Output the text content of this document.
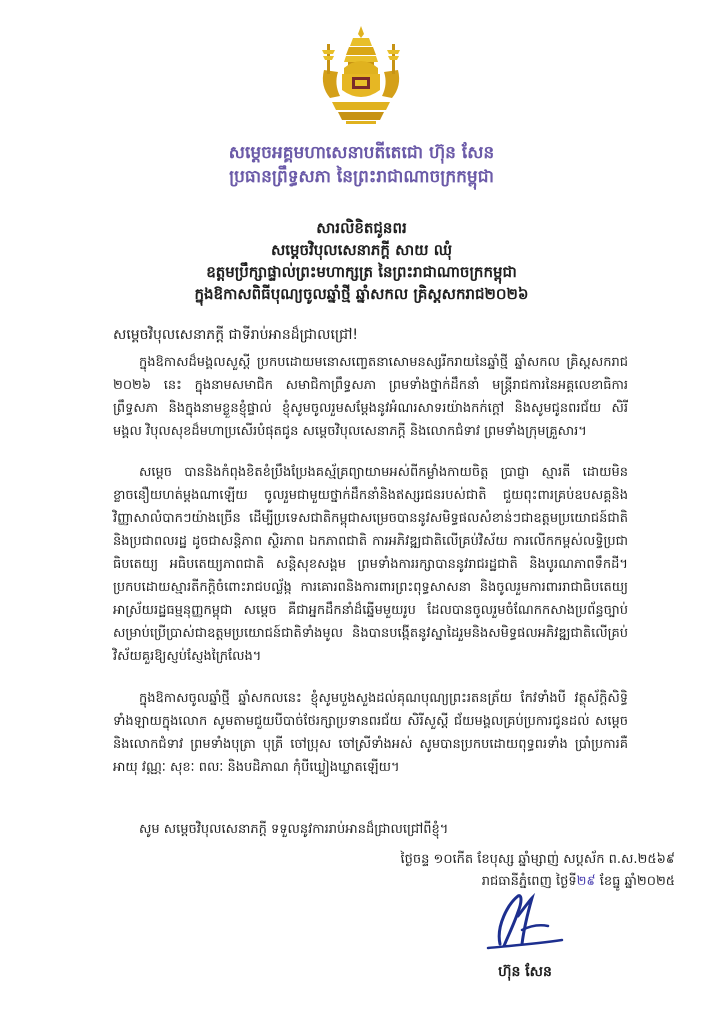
សម្ដេចអគ្គមហាសេនាបតីតេជោ ហ៊ុន សែន
ប្រធានព្រឹទ្ធសភា នៃព្រះរាជាណាចក្រកម្ពុជា
សារលិខិតជូនពរ
សម្ដេចវិបុលសេនាភក្ដី សាយ ឈុំ
ឧត្តមប្រឹក្សាផ្ទាល់ព្រះមហាក្សត្រ នៃព្រះរាជាណាចក្រកម្ពុជា
ក្នុងឱកាសពិធីបុណ្យចូលឆ្នាំថ្មី ឆ្នាំសកល គ្រិស្តសករាជ២០២៦
សម្ដេចវិបុលសេនាភក្ដី ជាទីរាប់អានដ៏ជ្រាលជ្រៅ!

ក្នុងឱកាសដ៏មង្គលសួស្ដី ប្រកបដោយមនោសញ្ចេតនាសោមនស្សរីករាយនៃឆ្នាំថ្មី ឆ្នាំសកល គ្រិស្តសករាជ ២០២៦ នេះ ក្នុងនាមសមាជិក សមាជិកាព្រឹទ្ធសភា ព្រមទាំងថ្នាក់ដឹកនាំ មន្ត្រីរាជការនៃអគ្គលេខាធិការ ព្រឹទ្ធសភា និងក្នុងនាមខ្លួនខ្ញុំផ្ទាល់ ខ្ញុំសូមចូលរួមសម្ដែងនូវអំណរសាទរយ៉ាងកក់ក្ដៅ និងសូមជូនពរជ័យ សិរីមង្គល វិបុលសុខដ៏មហាប្រសើរបំផុតជូន សម្ដេចវិបុលសេនាភក្ដី និងលោកជំទាវ ព្រមទាំងក្រុមគ្រួសារ។

សម្ដេច បាននិងកំពុងខិតខំប្រឹងប្រែងគស្ម័គ្រព្យាយាមអស់ពីកម្លាំងកាយចិត្ត ប្រាជ្ញា ស្មារតី ដោយមិនខ្លាចនឿយហត់ម្ដងណាឡើយ ចូលរួមជាមួយថ្នាក់ដឹកនាំនិងឥស្សរជនរបស់ជាតិ ជួយពុះពារគ្រប់ឧបសគ្គនិងវិញ្ញាសាលំបាកៗយ៉ាងច្រើន ដើម្បីប្រទេសជាតិកម្ពុជាសម្រេចបាននូវសមិទ្ធផលសំខាន់ៗជាឧត្តមប្រយោជន៍ជាតិ និងប្រជាពលរដ្ឋ ដូចជាសន្តិភាព ស្ថិរភាព ឯកភាពជាតិ ការអភិវឌ្ឍជាតិលើគ្រប់វិស័យ ការលើកកម្ពស់លទ្ធិប្រជាធិបតេយ្យ អធិបតេយ្យភាពជាតិ សន្តិសុខសង្គម ព្រមទាំងការរក្សាបាននូវរាជរដ្ឋជាតិ និងបូរណភាពទឹកដី។ ប្រកបដោយស្មារតីកក្ដិចំពោះរាជបល្ល័ង្ក ការគោរពនិងការពារព្រះពុទ្ធសាសនា និងចូលរួមការពាររាជាធិបតេយ្យអាស្រ័យរដ្ឋធម្មនុញ្ញកម្ពុជា សម្ដេច គឺជាអ្នកដឹកនាំដ៏ឆ្នើមមួយរូប ដែលបានចូលរួមចំណែកកសាងប្រព័ន្ធច្បាប់សម្រាប់ប្រើប្រាស់ជាឧត្តមប្រយោជន៍ជាតិទាំងមូល និងបានបង្កើតនូវស្នាដៃរួមនិងសមិទ្ធផលអភិវឌ្ឍជាតិលើគ្រប់វិស័យគួរឱ្យស្ញប់ស្ញែងក្រៃលែង។

ក្នុងឱកាសចូលឆ្នាំថ្មី ឆ្នាំសកលនេះ ខ្ញុំសូមបួងសួងដល់គុណបុណ្យព្រះរតនត្រ័យ កែវទាំងបី វត្ថុស័ក្ដិសិទ្ធិទាំងឡាយក្នុងលោក សូមតាមជួយបីបាច់ថែរក្សាប្រទានពរជ័យ សិរីសួស្ដី ជ័យមង្គលគ្រប់ប្រការជូនដល់ សម្ដេច និងលោកជំទាវ ព្រមទាំងបុត្រា បុត្រី ចៅប្រុស ចៅស្រីទាំងអស់ សូមបានប្រកបដោយពុទ្ធពរទាំង ប្រាំប្រការគឺ អាយុ វណ្ណៈ សុខៈ ពលៈ និងបដិភាណ កុំបីឃ្លៀងឃ្លាតឡើយ។

សូម សម្ដេចវិបុលសេនាភក្ដី ទទួលនូវការរាប់អានដ៏ជ្រាលជ្រៅពីខ្ញុំ។

ថ្ងៃចន្ទ ១០កើត ខែបុស្ស ឆ្នាំម្សាញ់ សប្តស័ក ព.ស.២៥៦៩
រាជធានីភ្នំពេញ ថ្ងៃទី២៩ ខែធ្នូ ឆ្នាំ២០២៥
ហ៊ុន សែន
